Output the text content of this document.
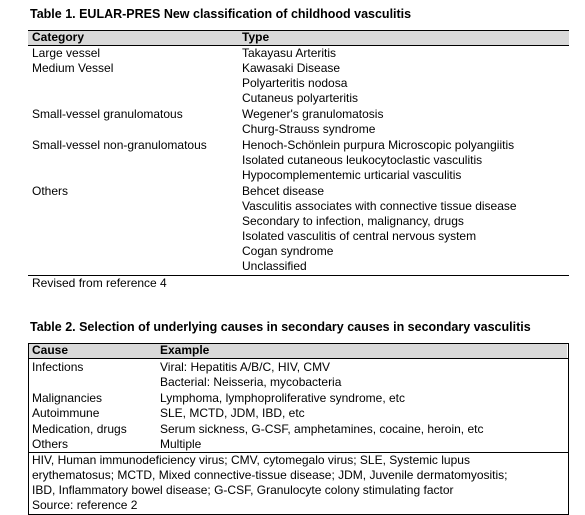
Table 1. EULAR-PRES New classification of childhood vasculitis
Category	Type
Large vessel	Takayasu Arteritis
Medium Vessel	Kawasaki Disease
Polyarteritis nodosa
Cutaneus polyarteritis
Small-vessel granulomatous	Wegener's granulomatosis
Churg-Strauss syndrome
Small-vessel non-granulomatous	Henoch-Schönlein purpura Microscopic polyangiitis
Isolated cutaneous leukocytoclastic vasculitis
Hypocomplementemic urticarial vasculitis
Others	Behcet disease
Vasculitis associates with connective tissue disease
Secondary to infection, malignancy, drugs
Isolated vasculitis of central nervous system
Cogan syndrome
Unclassified
Revised from reference 4
Table 2. Selection of underlying causes in secondary causes in secondary vasculitis
Cause	Example
Infections	Viral: Hepatitis A/B/C, HIV, CMV
Bacterial: Neisseria, mycobacteria
Malignancies	Lymphoma, lymphoproliferative syndrome, etc
Autoimmune	SLE, MCTD, JDM, IBD, etc
Medication, drugs	Serum sickness, G-CSF, amphetamines, cocaine, heroin, etc
Others	Multiple
HIV, Human immunodeficiency virus; CMV, cytomegalo virus; SLE, Systemic lupus
erythematosus; MCTD, Mixed connective-tissue disease; JDM, Juvenile dermatomyositis;
IBD, Inflammatory bowel disease; G-CSF, Granulocyte colony stimulating factor
Source: reference 2
